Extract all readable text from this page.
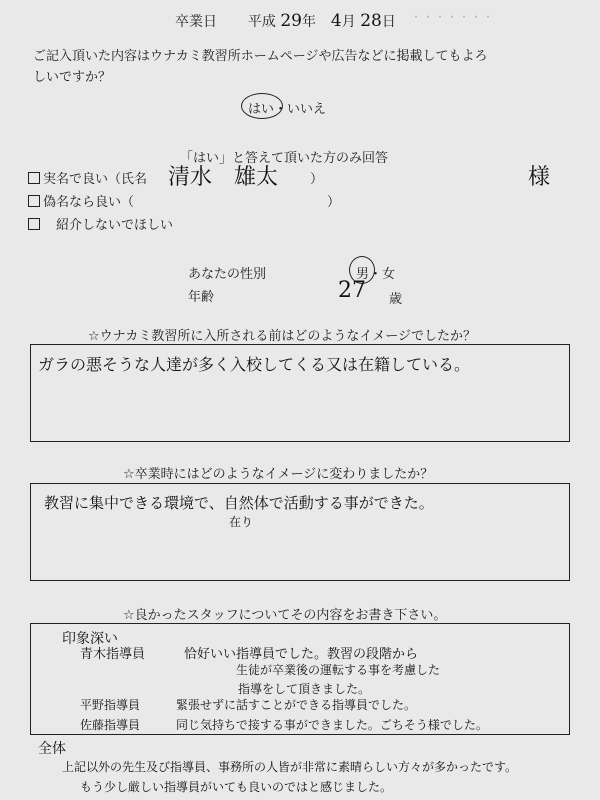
・・・・・・・
卒業日 平成 29年 4月 28日
ご記入頂いた内容はウナカミ教習所ホームページや広告などに掲載してもよろ
しいですか？
はい・いいえ
「はい」と答えて頂いた方のみ回答
実名で良い（氏名 清水　雄太 ）	様
偽名なら良い（	）
　紹介しないでほしい
あなたの性別	男・女
年齢	27 歳
☆ウナカミ教習所に入所される前はどのようなイメージでしたか？
ガラの悪そうな人達が多く入校してくる又は在籍している。
☆卒業時にはどのようなイメージに変わりましたか？
教習に集中できる環境で、自然体で活動する事ができた。
在り
☆良かったスタッフについてその内容をお書き下さい。
印象深い
青木指導員　　　恰好いい指導員でした。教習の段階から
生徒が卒業後の運転する事を考慮した
指導をして頂きました。
平野指導員　　　緊張せずに話すことができる指導員でした。
佐藤指導員　　　同じ気持ちで接する事ができました。ごちそう様でした。
全体
上記以外の先生及び指導員、事務所の人皆が非常に素晴らしい方々が多かったです。
もう少し厳しい指導員がいても良いのではと感じました。
